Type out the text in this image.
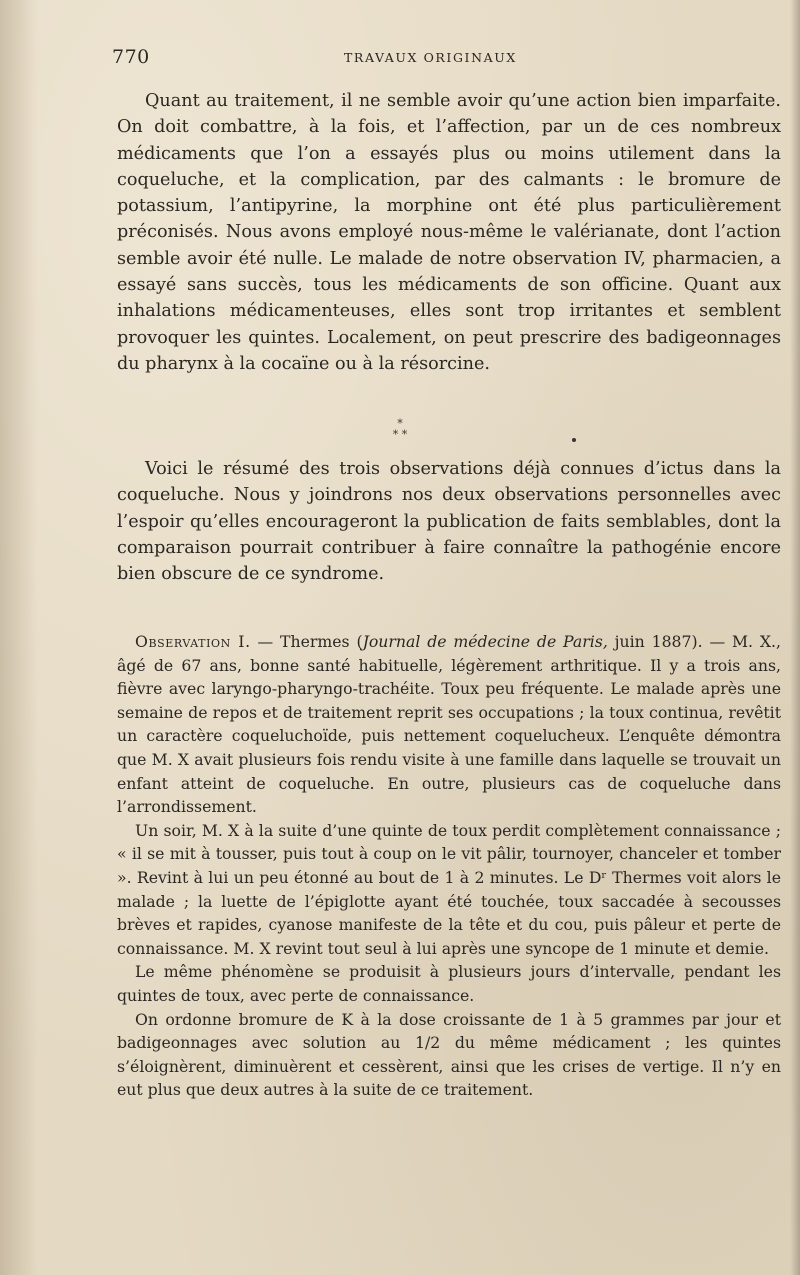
770	TRAVAUX ORIGINAUX

Quant au traitement, il ne semble avoir qu’une action bien imparfaite. On doit combattre, à la fois, et l’affection, par un de ces nombreux médicaments que l’on a essayés plus ou moins utilement dans la coqueluche, et la complication, par des calmants : le bromure de potassium, l’antipyrine, la morphine ont été plus particulièrement préconisés. Nous avons employé nous-même le valérianate, dont l’action semble avoir été nulle. Le malade de notre observation IV, pharmacien, a essayé sans succès, tous les médicaments de son officine. Quant aux inhalations médicamenteuses, elles sont trop irritantes et semblent provoquer les quintes. Localement, on peut prescrire des badigeonnages du pharynx à la cocaïne ou à la résorcine.

*
* *

Voici le résumé des trois observations déjà connues d’ictus dans la coqueluche. Nous y joindrons nos deux observations personnelles avec l’espoir qu’elles encourageront la publication de faits semblables, dont la comparaison pourrait contribuer à faire connaître la pathogénie encore bien obscure de ce syndrome.

Observation I. — Thermes (Journal de médecine de Paris, juin 1887). — M. X., âgé de 67 ans, bonne santé habituelle, légèrement arthritique. Il y a trois ans, fièvre avec laryngo-pharyngo-trachéite. Toux peu fréquente. Le malade après une semaine de repos et de traitement reprit ses occupations ; la toux continua, revêtit un caractère coqueluchoïde, puis nettement coquelucheux. L’enquête démontra que M. X avait plusieurs fois rendu visite à une famille dans laquelle se trouvait un enfant atteint de coqueluche. En outre, plusieurs cas de coqueluche dans l’arrondissement.

Un soir, M. X à la suite d’une quinte de toux perdit complètement connaissance ; « il se mit à tousser, puis tout à coup on le vit pâlir, tournoyer, chanceler et tomber ». Revint à lui un peu étonné au bout de 1 à 2 minutes. Le Dʳ Thermes voit alors le malade ; la luette de l’épiglotte ayant été touchée, toux saccadée à secousses brèves et rapides, cyanose manifeste de la tête et du cou, puis pâleur et perte de connaissance. M. X revint tout seul à lui après une syncope de 1 minute et demie.

Le même phénomène se produisit à plusieurs jours d’intervalle, pendant les quintes de toux, avec perte de connaissance.

On ordonne bromure de K à la dose croissante de 1 à 5 grammes par jour et badigeonnages avec solution au 1/2 du même médicament ; les quintes s’éloignèrent, diminuèrent et cessèrent, ainsi que les crises de vertige. Il n’y en eut plus que deux autres à la suite de ce traitement.
